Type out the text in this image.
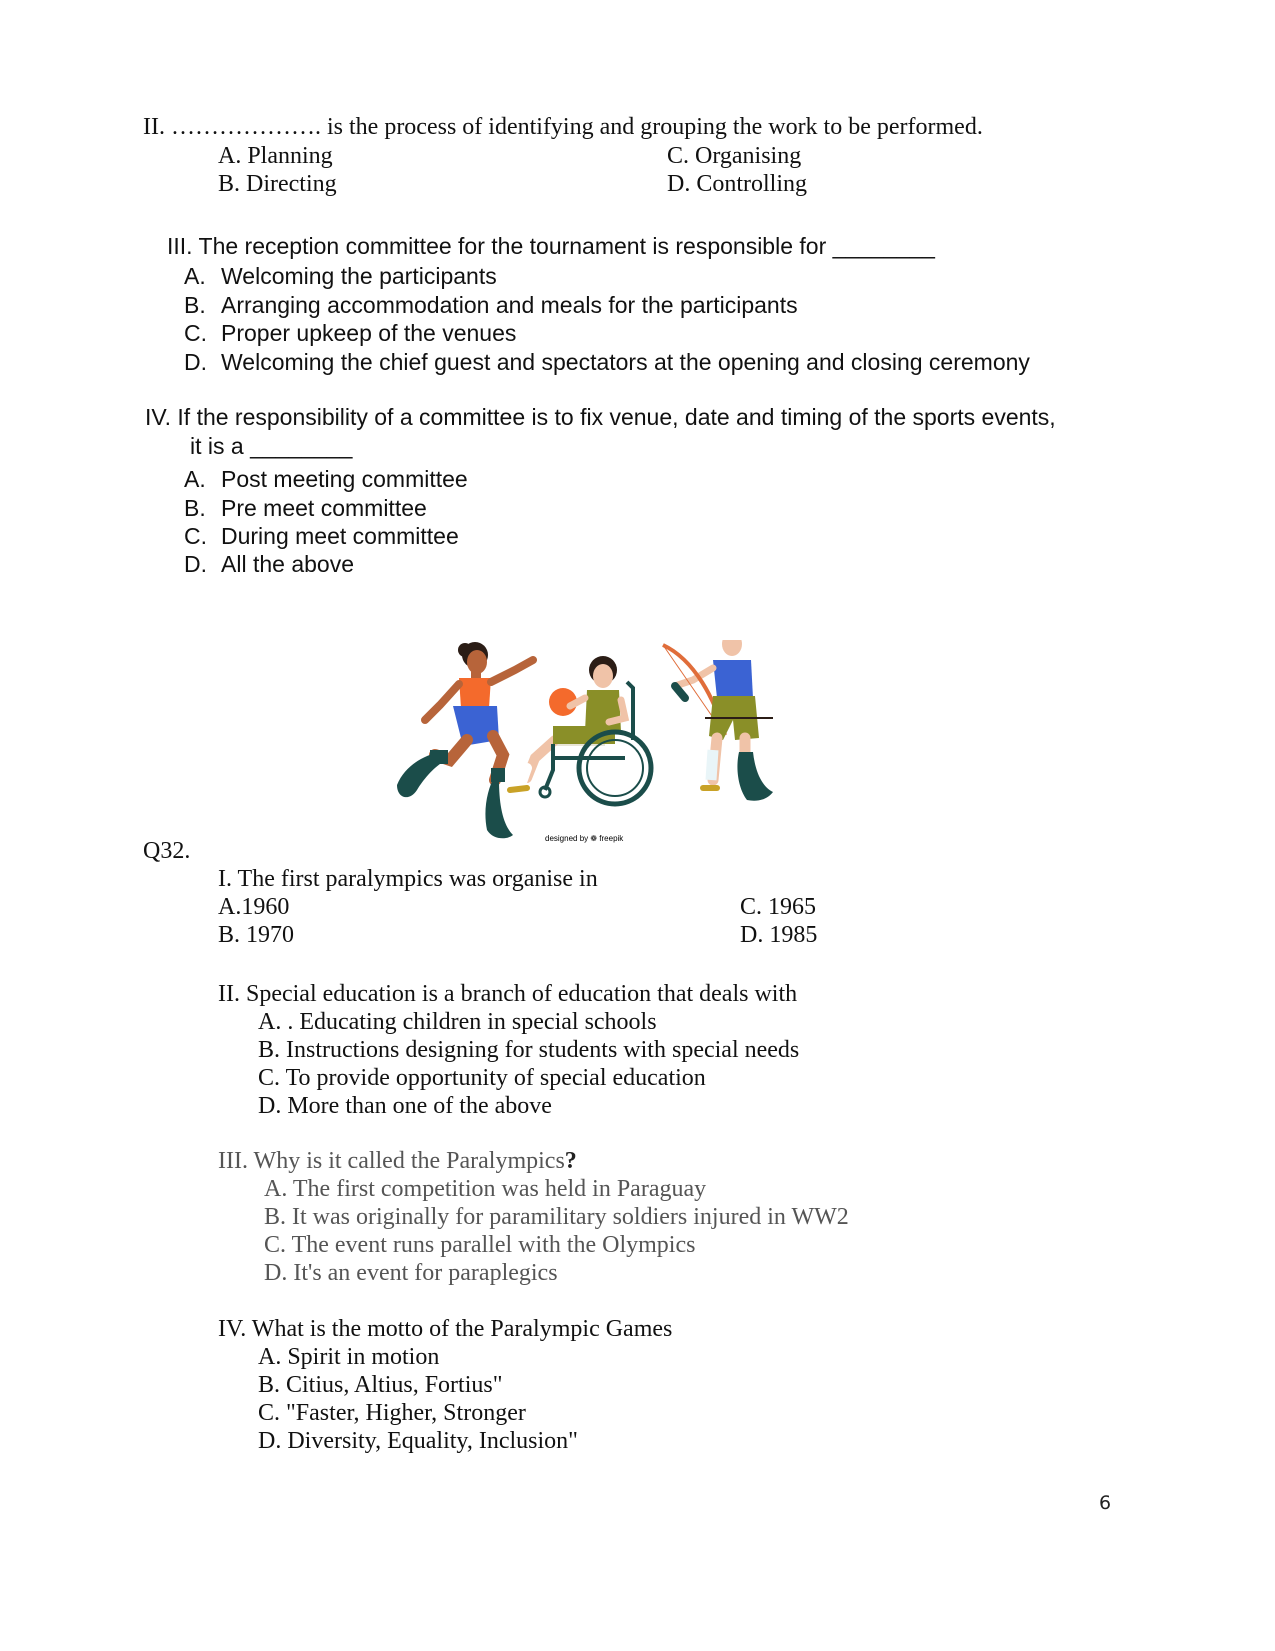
II. ………………. is the process of identifying and grouping the work to be performed.
A. Planning
B. Directing
C. Organising
D. Controlling
III. The reception committee for the tournament is responsible for ________
A. Welcoming the participants
B. Arranging accommodation and meals for the participants
C. Proper upkeep of the venues
D. Welcoming the chief guest and spectators at the opening and closing ceremony
IV. If the responsibility of a committee is to fix venue, date and timing of the sports events,
it is a ________
A. Post meeting committee
B. Pre meet committee
C. During meet committee
D. All the above
designed by ❁ freepik
Q32.
I. The first paralympics was organise in
A.1960
B. 1970
C. 1965
D. 1985
II. Special education is a branch of education that deals with
A. . Educating children in special schools
B. Instructions designing for students with special needs
C. To provide opportunity of special education
D. More than one of the above
III. Why is it called the Paralympics?
A. The first competition was held in Paraguay
B. It was originally for paramilitary soldiers injured in WW2
C. The event runs parallel with the Olympics
D. It's an event for paraplegics
IV. What is the motto of the Paralympic Games
A. Spirit in motion
B. Citius, Altius, Fortius"
C. "Faster, Higher, Stronger
D. Diversity, Equality, Inclusion"
6
